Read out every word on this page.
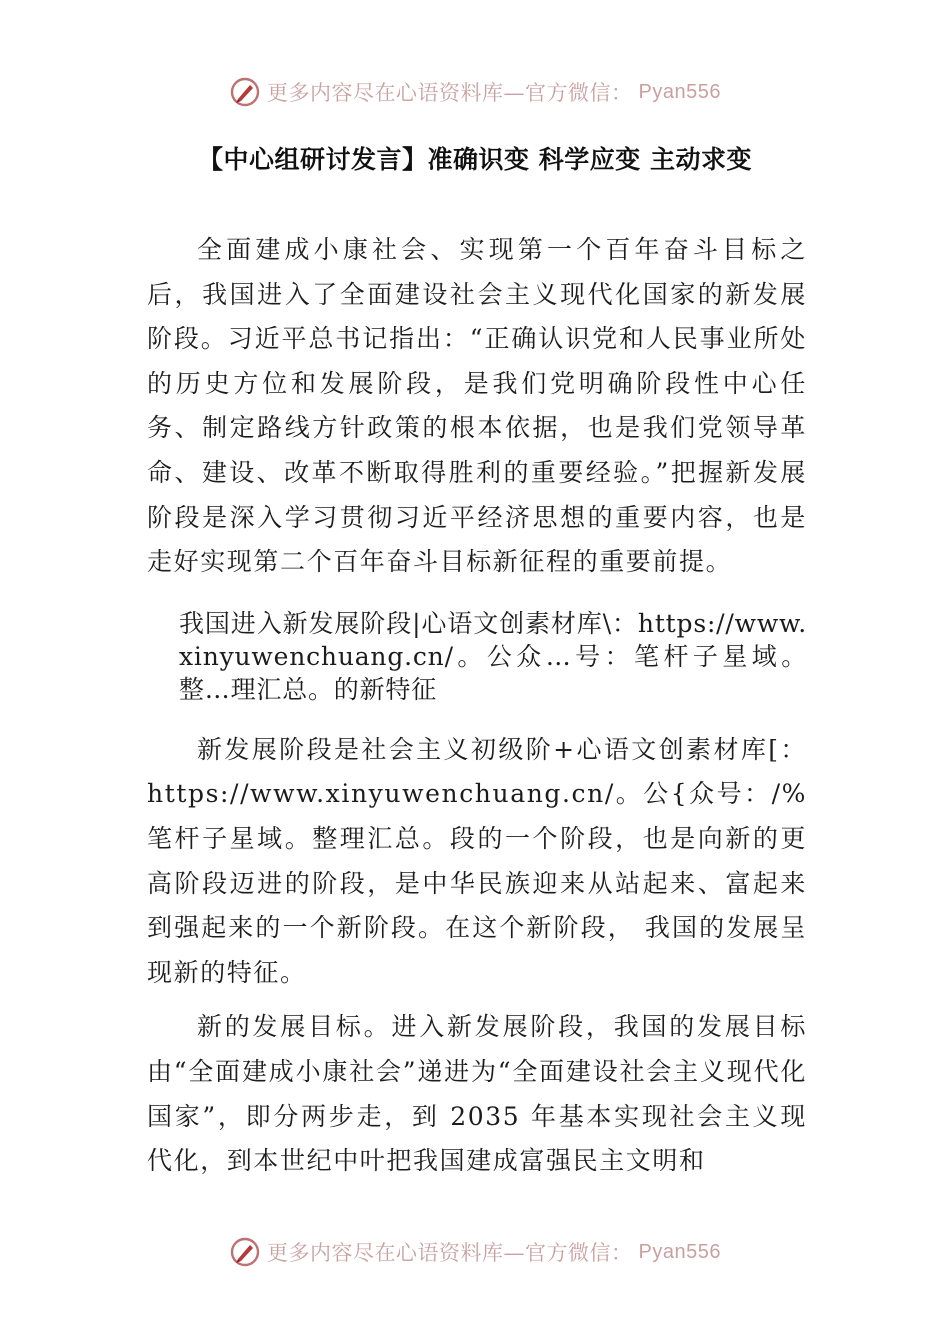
更多内容尽在心语资料库—官方微信： Pyan556
【中心组研讨发言】准确识变 科学应变 主动求变

全面建成小康社会、实现第一个百年奋斗目标之后，我国进入了全面建设社会主义现代化国家的新发展阶段。习近平总书记指出：“正确认识党和人民事业所处的历史方位和发展阶段，是我们党明确阶段性中心任务、制定路线方针政策的根本依据，也是我们党领导革命、建设、改革不断取得胜利的重要经验。”把握新发展阶段是深入学习贯彻习近平经济思想的重要内容，也是走好实现第二个百年奋斗目标新征程的重要前提。

我国进入新发展阶段|心语文创素材库\：https://www.xinyuwenchuang.cn/。公众…号：笔杆子星域。整…理汇总。的新特征

新发展阶段是社会主义初级阶+心语文创素材库[：https://www.xinyuwenchuang.cn/。公{众号：/%笔杆子星域。整理汇总。段的一个阶段，也是向新的更高阶段迈进的阶段，是中华民族迎来从站起来、富起来到强起来的一个新阶段。在这个新阶段， 我国的发展呈现新的特征。

新的发展目标。进入新发展阶段，我国的发展目标由“全面建成小康社会”递进为“全面建设社会主义现代化国家”，即分两步走，到 2035 年基本实现社会主义现代化，到本世纪中叶把我国建成富强民主文明和

更多内容尽在心语资料库—官方微信： Pyan556
